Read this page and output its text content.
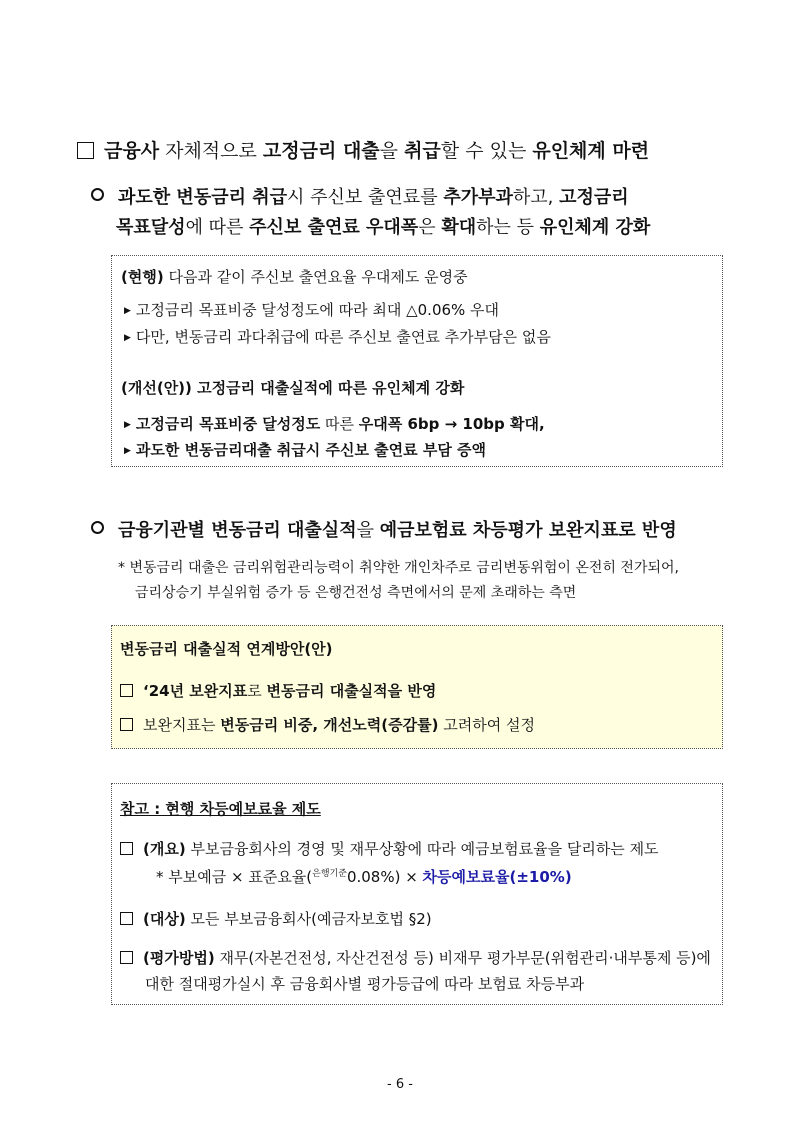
금융사 자체적으로 고정금리 대출을 취급할 수 있는 유인체계 마련
과도한 변동금리 취급시 주신보 출연료를 추가부과하고, 고정금리
목표달성에 따른 주신보 출연료 우대폭은 확대하는 등 유인체계 강화
(현행) 다음과 같이 주신보 출연요율 우대제도 운영중
▶ 고정금리 목표비중 달성정도에 따라 최대 △0.06% 우대
▶ 다만, 변동금리 과다취급에 따른 주신보 출연료 추가부담은 없음
(개선(안)) 고정금리 대출실적에 따른 유인체계 강화
▶ 고정금리 목표비중 달성정도 따른 우대폭 6bp → 10bp 확대,
▶ 과도한 변동금리대출 취급시 주신보 출연료 부담 증액
금융기관별 변동금리 대출실적을 예금보험료 차등평가 보완지표로 반영
* 변동금리 대출은 금리위험관리능력이 취약한 개인차주로 금리변동위험이 온전히 전가되어,
금리상승기 부실위험 증가 등 은행건전성 측면에서의 문제 초래하는 측면
변동금리 대출실적 연계방안(안)
‘24년 보완지표로 변동금리 대출실적을 반영
보완지표는 변동금리 비중, 개선노력(증감률) 고려하여 설정
참고 : 현행 차등예보료율 제도
(개요) 부보금융회사의 경영 및 재무상황에 따라 예금보험료율을 달리하는 제도
* 부보예금 × 표준요율($^{은행기준}$0.08%) × 차등예보료율(±10%)
(대상) 모든 부보금융회사(예금자보호법 §2)
(평가방법) 재무(자본건전성, 자산건전성 등) 비재무 평가부문(위험관리·내부통제 등)에
대한 절대평가실시 후 금융회사별 평가등급에 따라 보험료 차등부과
- 6 -
